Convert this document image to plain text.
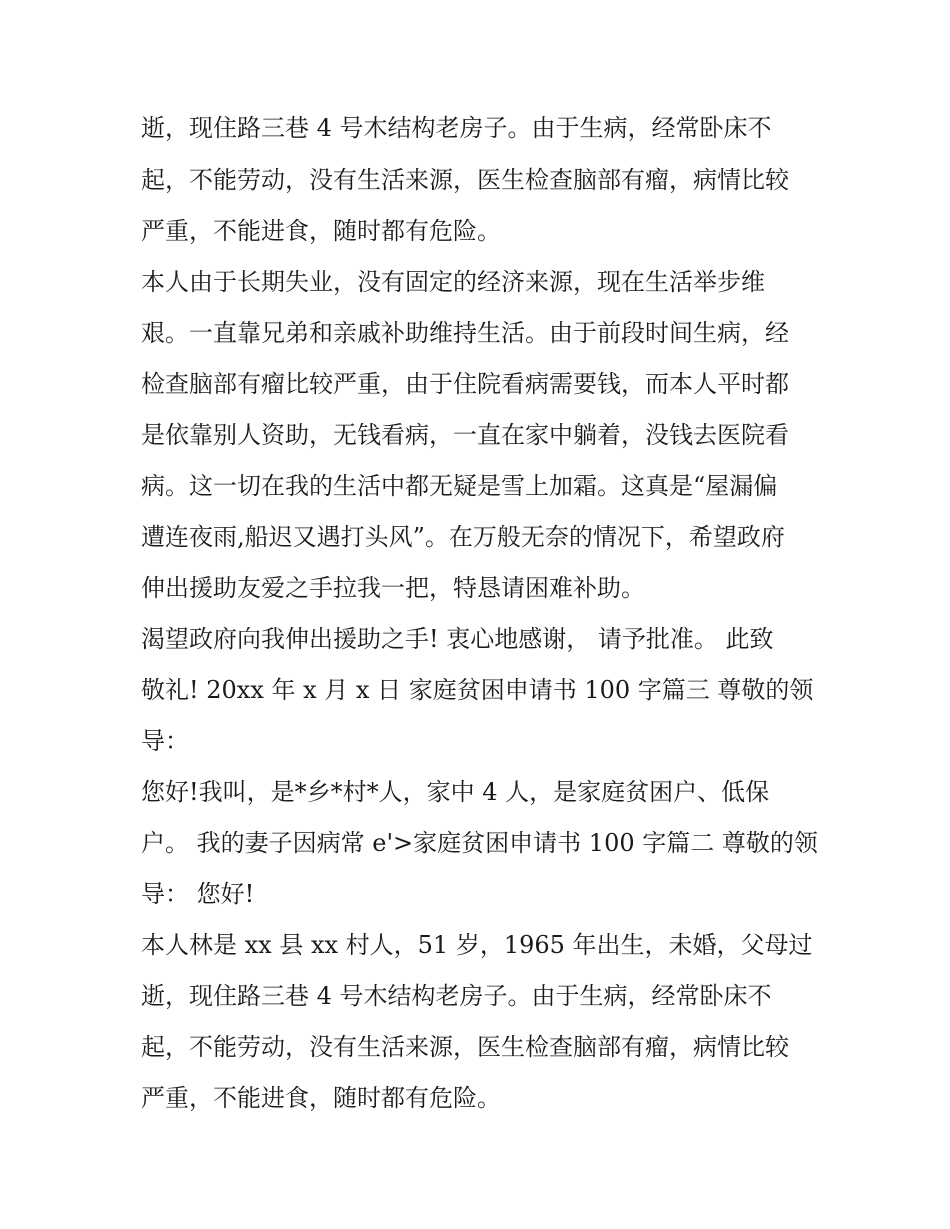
逝，现住路三巷 4 号木结构老房子。由于生病，经常卧床不

起，不能劳动，没有生活来源，医生检查脑部有瘤，病情比较

严重，不能进食，随时都有危险。

本人由于长期失业，没有固定的经济来源，现在生活举步维

艰。一直靠兄弟和亲戚补助维持生活。由于前段时间生病，经

检查脑部有瘤比较严重，由于住院看病需要钱，而本人平时都

是依靠别人资助，无钱看病，一直在家中躺着，没钱去医院看

病。这一切在我的生活中都无疑是雪上加霜。这真是“屋漏偏

遭连夜雨,船迟又遇打头风”。在万般无奈的情况下，希望政府

伸出援助友爱之手拉我一把，特恳请困难补助。

渴望政府向我伸出援助之手! 衷心地感谢， 请予批准。 此致

敬礼! 20xx 年 x 月 x 日 家庭贫困申请书 100 字篇三 尊敬的领

导：

您好!我叫，是*乡*村*人，家中 4 人，是家庭贫困户、低保

户。 我的妻子因病常 e'>家庭贫困申请书 100 字篇二 尊敬的领

导： 您好!

本人林是 xx 县 xx 村人，51 岁，1965 年出生，未婚，父母过

逝，现住路三巷 4 号木结构老房子。由于生病，经常卧床不

起，不能劳动，没有生活来源，医生检查脑部有瘤，病情比较

严重，不能进食，随时都有危险。
